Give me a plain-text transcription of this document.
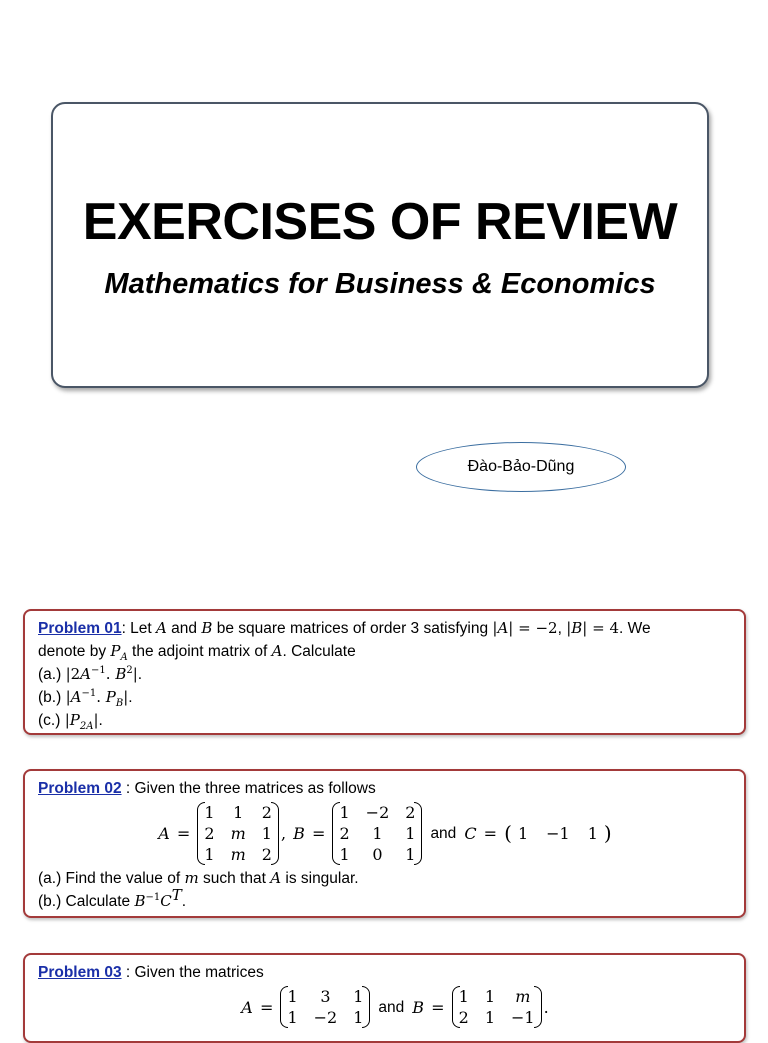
EXERCISES OF REVIEW
Mathematics for Business & Economics
Đào-Bảo-Dũng
Problem 01: Let A and B be square matrices of order 3 satisfying |A| = −2, |B| = 4. We
denote by $P_A$ the adjoint matrix of A. Calculate
(a.) $|2A^{-1}$. $B^2|$.
(b.) $|A^{-1}$. $P_B|$.
(c.) $|P_{2A}|$.
Problem 02 : Given the three matrices as follows
A =
1 1 2
2 m 1
1 m 2
, B =
1 −2 2
2	1	1
1	0	1
and C = ( 1 −1 1 )
(a.) Find the value of m such that A is singular.
(b.) Calculate $B^{-1}C^T$.
Problem 03 : Given the matrices
A =
1	3	1
1 −2 1
and B =
1 1 m
2 1 −1
.
